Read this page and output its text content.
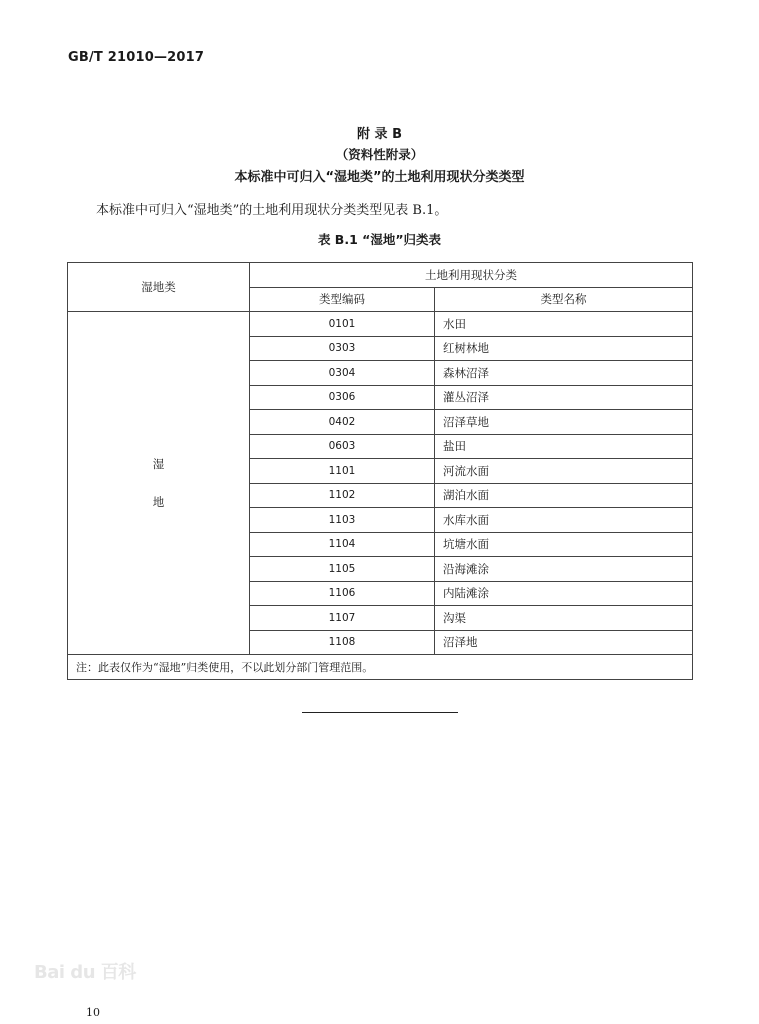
GB/T 21010—2017
附 录 B
（资料性附录）
本标准中可归入“湿地类”的土地利用现状分类类型
本标准中可归入“湿地类”的土地利用现状分类类型见表 B.1。
表 B.1 “湿地”归类表
湿地类	土地利用现状分类	
	类型编码	类型名称

湿
地	0101	水田
	0303	红树林地
	0304	森林沼泽
	0306	灌丛沼泽
	0402	沼泽草地
	0603	盐田
	1101	河流水面
	1102	湖泊水面
	1103	水库水面
	1104	坑塘水面
	1105	沿海滩涂
	1106	内陆滩涂
	1107	沟渠
	1108	沼泽地
注：此表仅作为“湿地”归类使用，不以此划分部门管理范围。		
Bai du 百科
10
